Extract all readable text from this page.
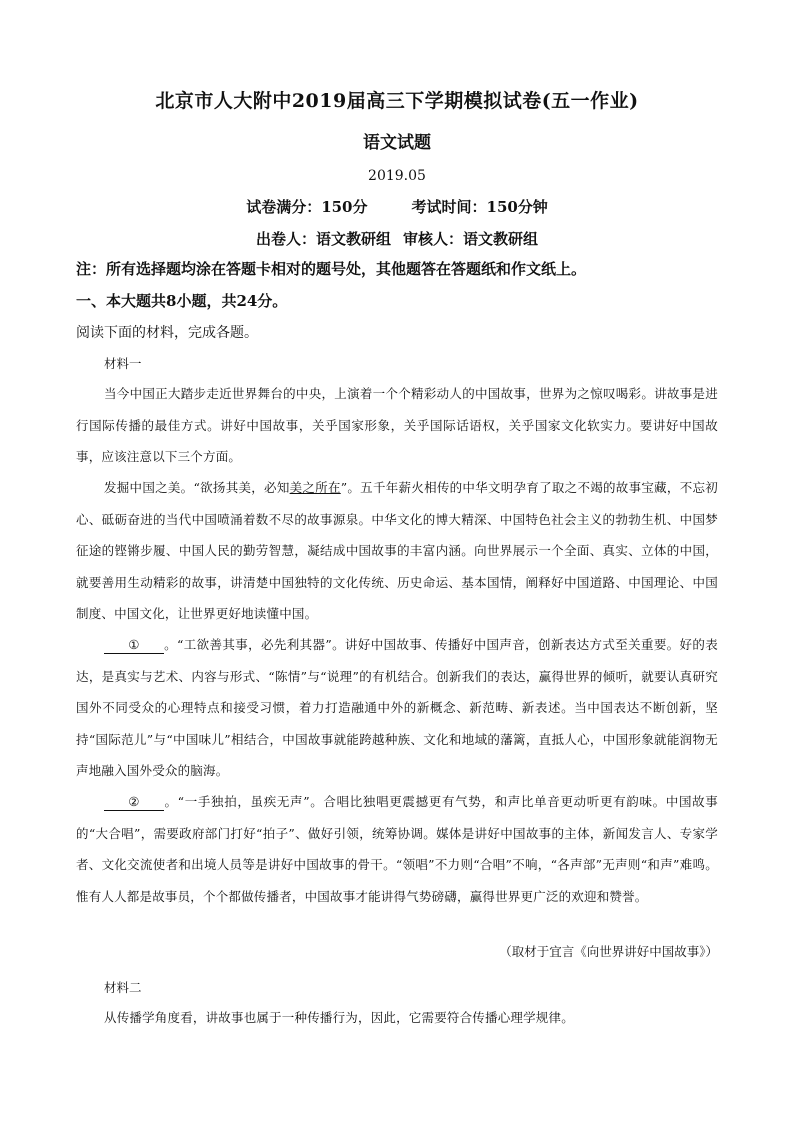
北京市人大附中2019届高三下学期模拟试卷(五一作业)
语文试题
2019.05
试卷满分：150分	考试时间：150分钟
出卷人：语文教研组 审核人：语文教研组
注：所有选择题均涂在答题卡相对的题号处，其他题答在答题纸和作文纸上。
一、本大题共8小题，共24分。
阅读下面的材料，完成各题。
材料一
当今中国正大踏步走近世界舞台的中央，上演着一个个精彩动人的中国故事，世界为之惊叹喝彩。讲故事是进行国际传播的最佳方式。讲好中国故事，关乎国家形象，关乎国际话语权，关乎国家文化软实力。要讲好中国故事，应该注意以下三个方面。
发掘中国之美。“欲扬其美，必知美之所在”。五千年薪火相传的中华文明孕育了取之不竭的故事宝藏，不忘初心、砥砺奋进的当代中国喷涌着数不尽的故事源泉。中华文化的博大精深、中国特色社会主义的勃勃生机、中国梦征途的铿锵步履、中国人民的勤劳智慧，凝结成中国故事的丰富内涵。向世界展示一个全面、真实、立体的中国，就要善用生动精彩的故事，讲清楚中国独特的文化传统、历史命运、基本国情，阐释好中国道路、中国理论、中国制度、中国文化，让世界更好地读懂中国。
① 。“工欲善其事，必先利其器”。讲好中国故事、传播好中国声音，创新表达方式至关重要。好的表达，是真实与艺术、内容与形式、“陈情”与“说理”的有机结合。创新我们的表达，赢得世界的倾听，就要认真研究国外不同受众的心理特点和接受习惯，着力打造融通中外的新概念、新范畴、新表述。当中国表达不断创新，坚持“国际范儿”与“中国味儿”相结合，中国故事就能跨越种族、文化和地域的藩篱，直抵人心，中国形象就能润物无声地融入国外受众的脑海。
② 。“一手独拍，虽疾无声”。合唱比独唱更震撼更有气势，和声比单音更动听更有韵味。中国故事的“大合唱”，需要政府部门打好“拍子”、做好引领，统筹协调。媒体是讲好中国故事的主体，新闻发言人、专家学者、文化交流使者和出境人员等是讲好中国故事的骨干。“领唱”不力则“合唱”不响，“各声部”无声则“和声”难鸣。惟有人人都是故事员，个个都做传播者，中国故事才能讲得气势磅礴，赢得世界更广泛的欢迎和赞誉。
（取材于宜言《向世界讲好中国故事》）
材料二
从传播学角度看，讲故事也属于一种传播行为，因此，它需要符合传播心理学规律。
